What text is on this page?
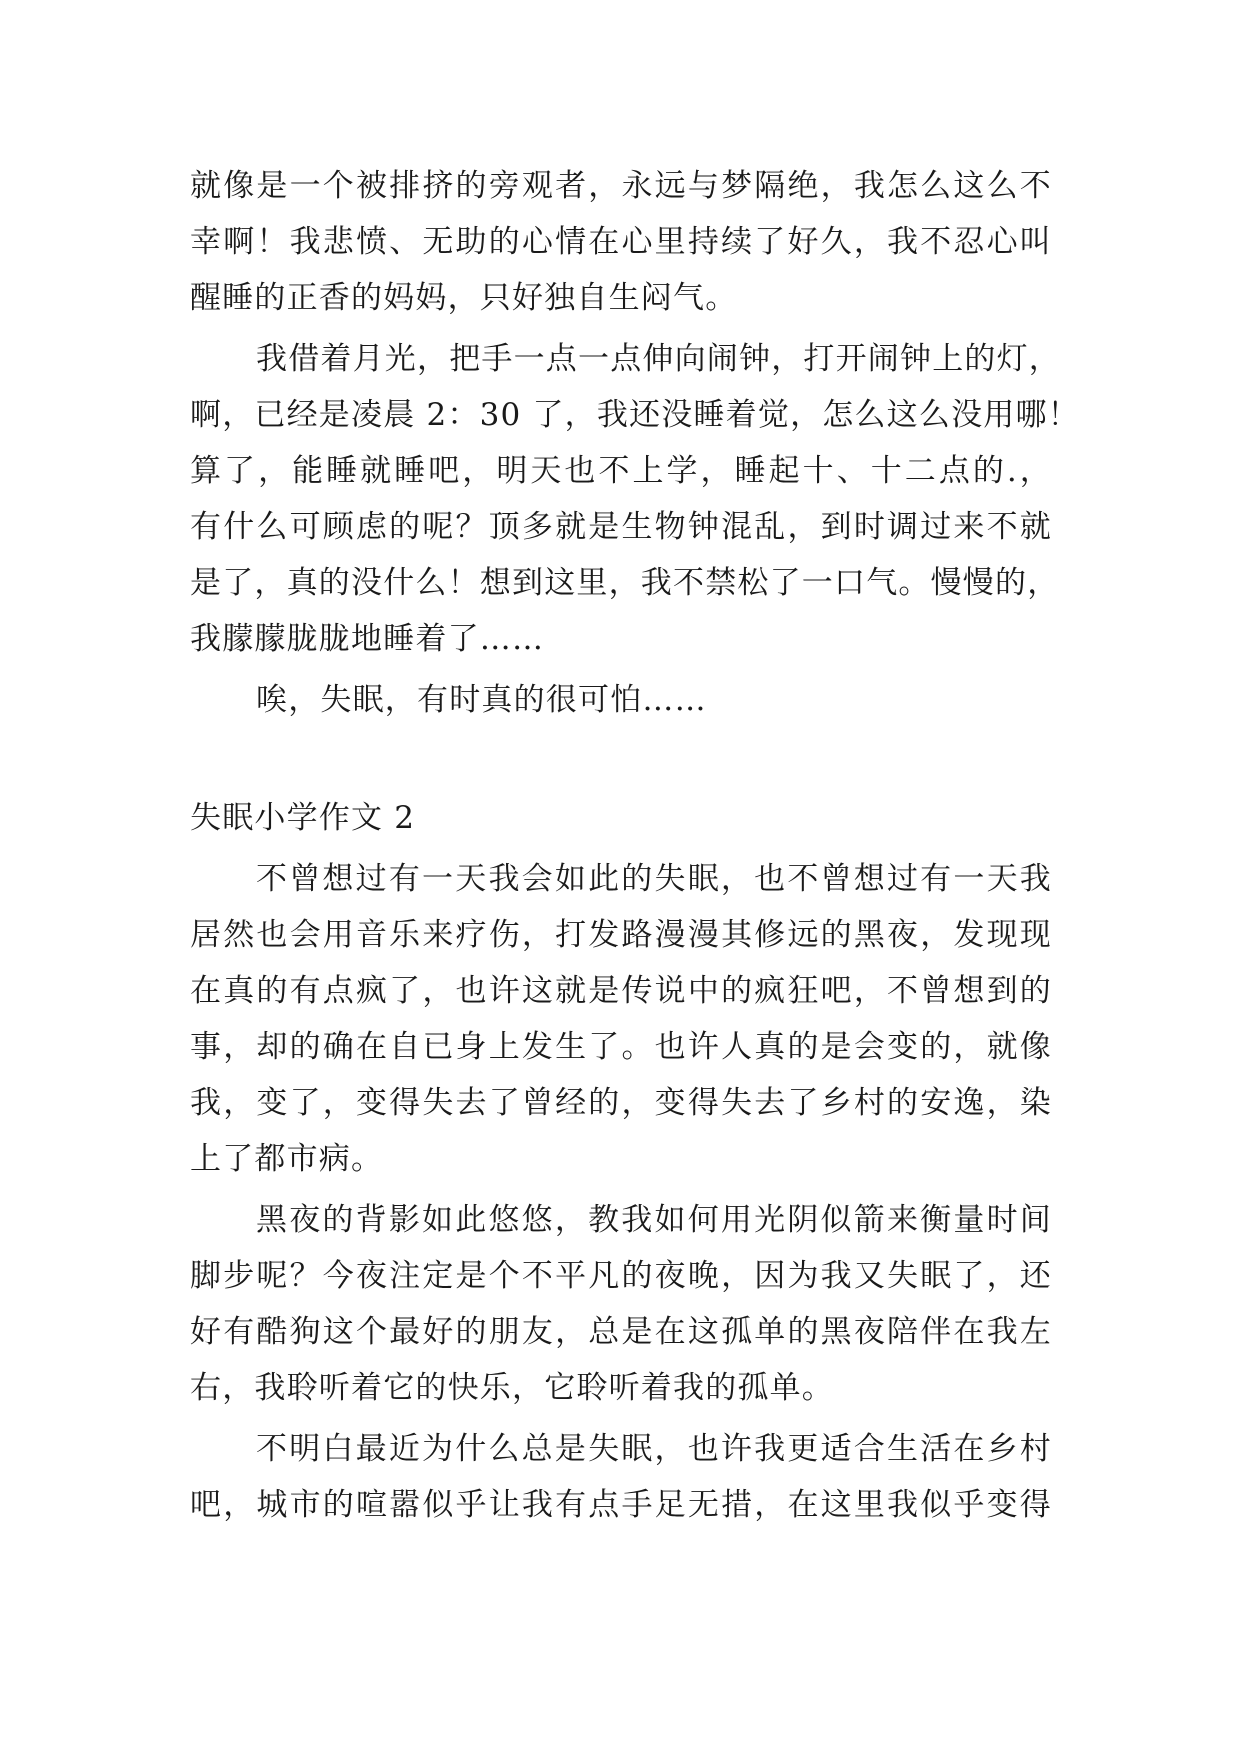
就像是一个被排挤的旁观者，永远与梦隔绝，我怎么这么不
幸啊！我悲愤、无助的心情在心里持续了好久，我不忍心叫
醒睡的正香的妈妈，只好独自生闷气。
我借着月光，把手一点一点伸向闹钟，打开闹钟上的灯，
啊，已经是凌晨 2：30 了，我还没睡着觉，怎么这么没用哪！
算了，能睡就睡吧，明天也不上学，睡起十、十二点的.，
有什么可顾虑的呢？顶多就是生物钟混乱，到时调过来不就
是了，真的没什么！想到这里，我不禁松了一口气。慢慢的，
我朦朦胧胧地睡着了……
唉，失眠，有时真的很可怕……
失眠小学作文 2
不曾想过有一天我会如此的失眠，也不曾想过有一天我
居然也会用音乐来疗伤，打发路漫漫其修远的黑夜，发现现
在真的有点疯了，也许这就是传说中的疯狂吧，不曾想到的
事，却的确在自已身上发生了。也许人真的是会变的，就像
我，变了，变得失去了曾经的，变得失去了乡村的安逸，染
上了都市病。
黑夜的背影如此悠悠，教我如何用光阴似箭来衡量时间
脚步呢？今夜注定是个不平凡的夜晚，因为我又失眠了，还
好有酷狗这个最好的朋友，总是在这孤单的黑夜陪伴在我左
右，我聆听着它的快乐，它聆听着我的孤单。
不明白最近为什么总是失眠，也许我更适合生活在乡村
吧，城市的喧嚣似乎让我有点手足无措，在这里我似乎变得
